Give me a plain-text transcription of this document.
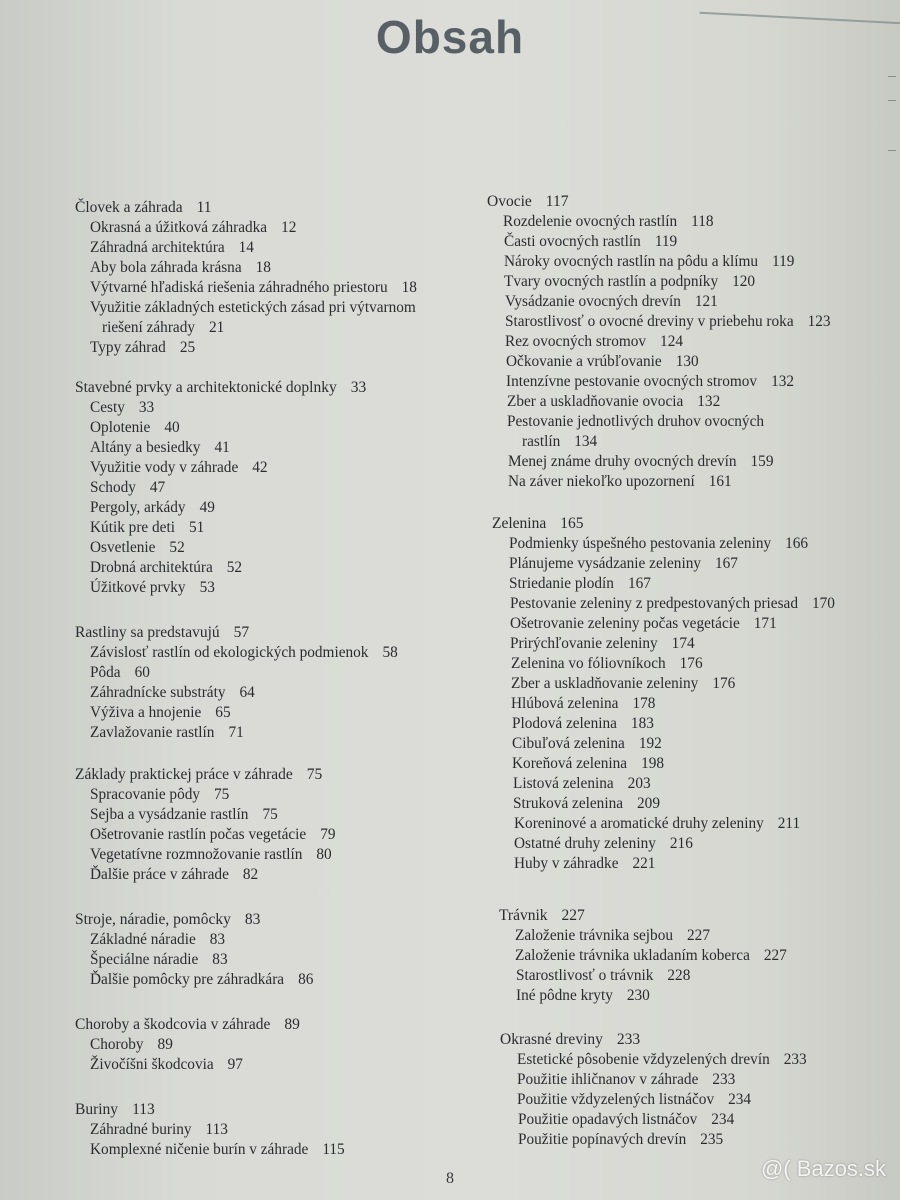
Obsah
Človek a záhrada 11
Okrasná a úžitková záhradka 12
Záhradná architektúra 14
Aby bola záhrada krásna 18
Výtvarné hľadiská riešenia záhradného priestoru 18
Využitie základných estetických zásad pri výtvarnom
riešení záhrady 21
Typy záhrad 25
Stavebné prvky a architektonické doplnky 33
Cesty 33
Oplotenie 40
Altány a besiedky 41
Využitie vody v záhrade 42
Schody 47
Pergoly, arkády 49
Kútik pre deti 51
Osvetlenie 52
Drobná architektúra 52
Úžitkové prvky 53
Rastliny sa predstavujú 57
Závislosť rastlín od ekologických podmienok 58
Pôda 60
Záhradnícke substráty 64
Výživa a hnojenie 65
Zavlažovanie rastlín 71
Základy praktickej práce v záhrade 75
Spracovanie pôdy 75
Sejba a vysádzanie rastlín 75
Ošetrovanie rastlín počas vegetácie 79
Vegetatívne rozmnožovanie rastlín 80
Ďalšie práce v záhrade 82
Stroje, náradie, pomôcky 83
Základné náradie 83
Špeciálne náradie 83
Ďalšie pomôcky pre záhradkára 86
Choroby a škodcovia v záhrade 89
Choroby 89
Živočíšni škodcovia 97
Buriny 113
Záhradné buriny 113
Komplexné ničenie burín v záhrade 115
Ovocie 117
Rozdelenie ovocných rastlín 118
Časti ovocných rastlín 119
Nároky ovocných rastlín na pôdu a klímu 119
Tvary ovocných rastlín a podpníky 120
Vysádzanie ovocných drevín 121
Starostlivosť o ovocné dreviny v priebehu roka 123
Rez ovocných stromov 124
Očkovanie a vrúbľovanie 130
Intenzívne pestovanie ovocných stromov 132
Zber a uskladňovanie ovocia 132
Pestovanie jednotlivých druhov ovocných
rastlín 134
Menej známe druhy ovocných drevín 159
Na záver niekoľko upozornení 161
Zelenina 165
Podmienky úspešného pestovania zeleniny 166
Plánujeme vysádzanie zeleniny 167
Striedanie plodín 167
Pestovanie zeleniny z predpestovaných priesad 170
Ošetrovanie zeleniny počas vegetácie 171
Prirýchľovanie zeleniny 174
Zelenina vo fóliovníkoch 176
Zber a uskladňovanie zeleniny 176
Hlúbová zelenina 178
Plodová zelenina 183
Cibuľová zelenina 192
Koreňová zelenina 198
Listová zelenina 203
Struková zelenina 209
Koreninové a aromatické druhy zeleniny 211
Ostatné druhy zeleniny 216
Huby v záhradke 221
Trávnik 227
Založenie trávnika sejbou 227
Založenie trávnika ukladaním koberca 227
Starostlivosť o trávnik 228
Iné pôdne kryty 230
Okrasné dreviny 233
Estetické pôsobenie vždyzelených drevín 233
Použitie ihličnanov v záhrade 233
Použitie vždyzelených listnáčov 234
Použitie opadavých listnáčov 234
Použitie popínavých drevín 235
8	@( Bazos.sk
